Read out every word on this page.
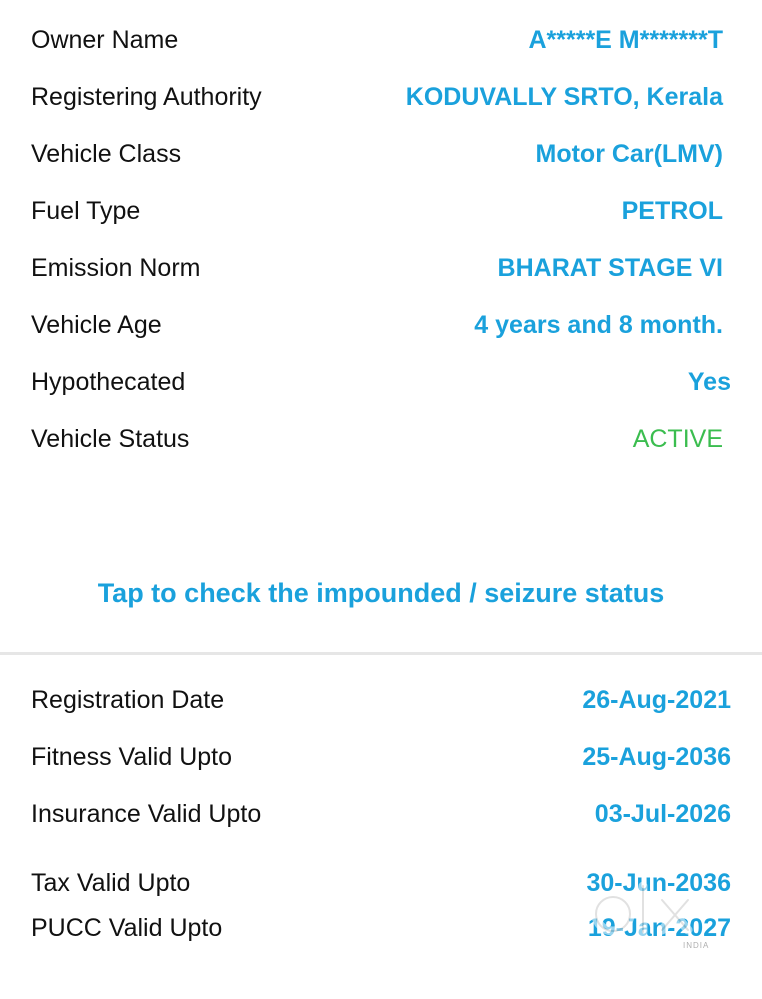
Owner Name	A*****E M*******T
Registering Authority	KODUVALLY SRTO, Kerala
Vehicle Class	Motor Car(LMV)
Fuel Type	PETROL
Emission Norm	BHARAT STAGE VI
Vehicle Age	4 years and 8 month.
Hypothecated	Yes
Vehicle Status	ACTIVE
Tap to check the impounded / seizure status
Registration Date	26-Aug-2021
Fitness Valid Upto	25-Aug-2036
Insurance Valid Upto	03-Jul-2026
Tax Valid Upto	30-Jun-2036
PUCC Valid Upto	19-Jan-2027
INDIA
